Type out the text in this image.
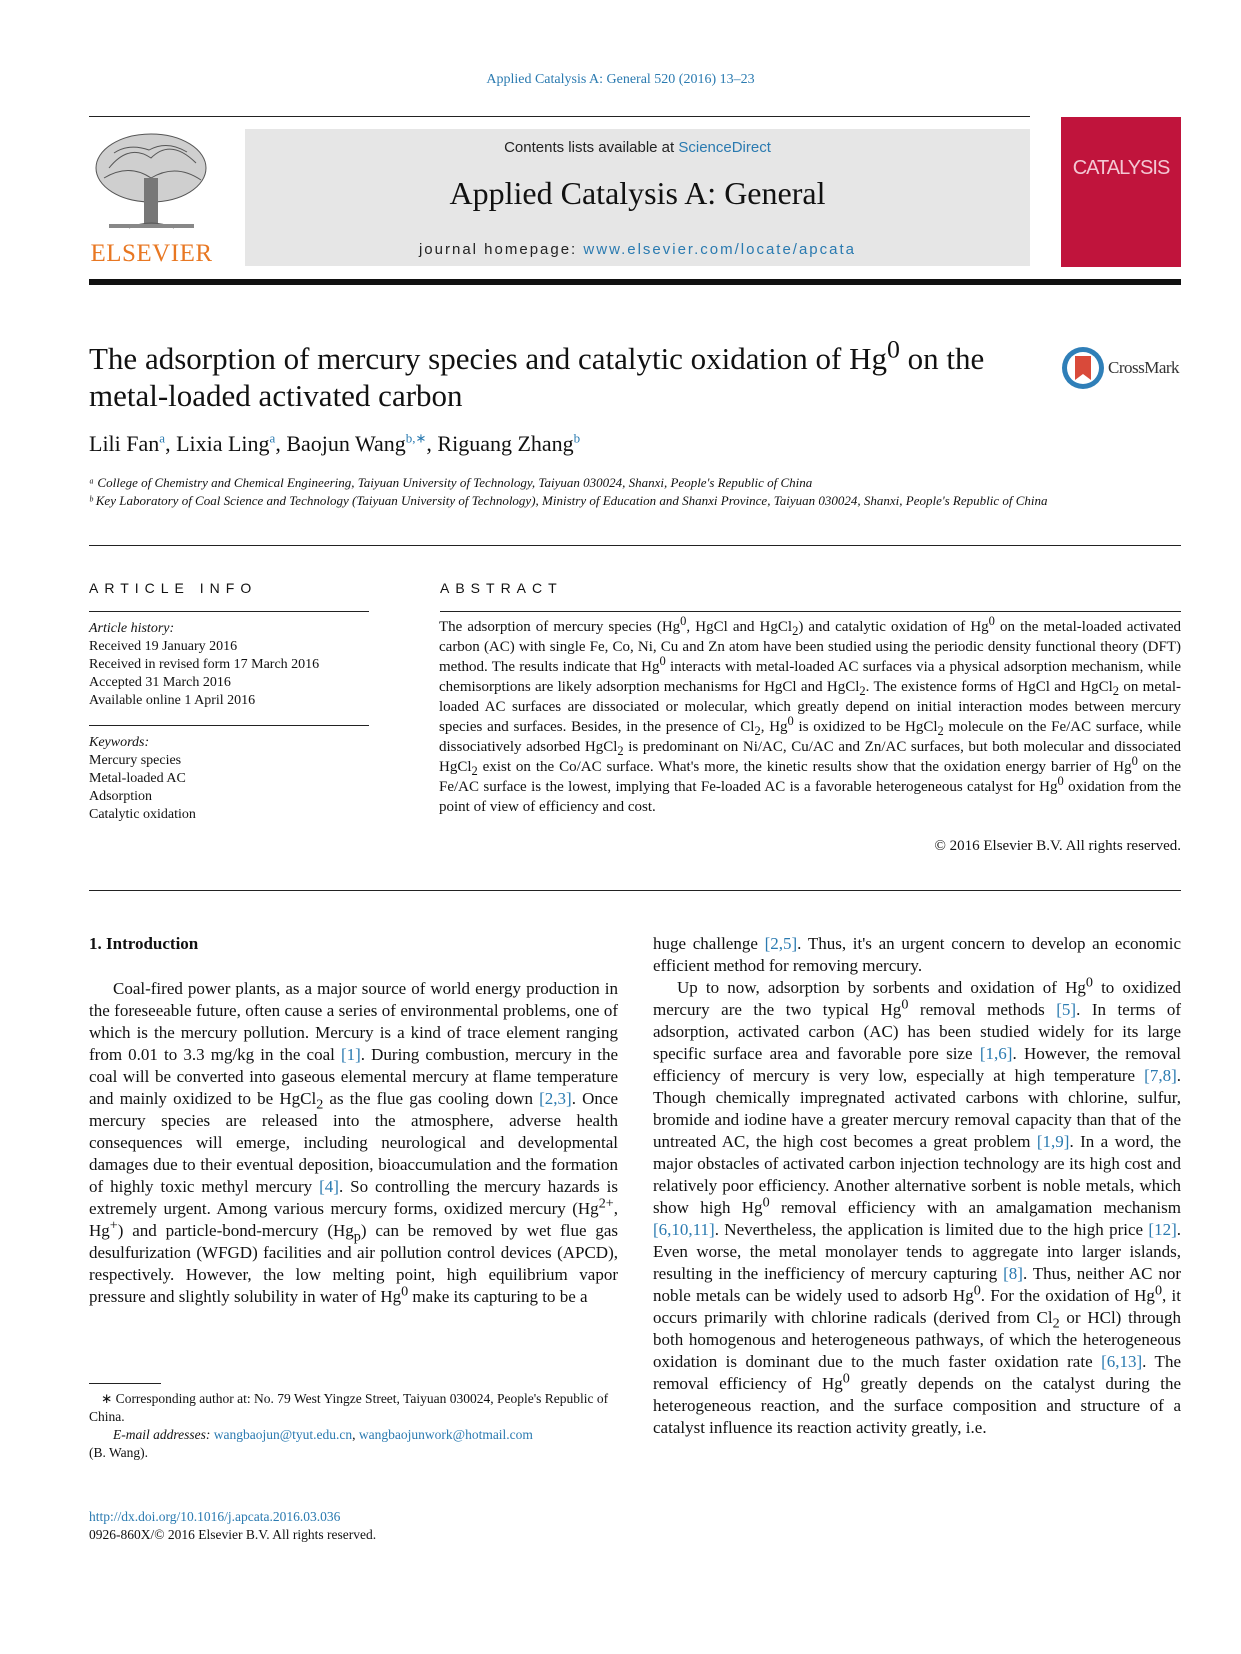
Applied Catalysis A: General 520 (2016) 13–23
ELSEVIER
Contents lists available at ScienceDirect
Applied Catalysis A: General
journal homepage: www.elsevier.com/locate/apcata
CATALYSIS
The adsorption of mercury species and catalytic oxidation of Hg$^0$ on the metal-loaded activated carbon
CrossMark
Lili Fan$^a$, Lixia Ling$^a$, Baojun Wang$^{b,∗}$, Riguang Zhang$^b$
ᵃ College of Chemistry and Chemical Engineering, Taiyuan University of Technology, Taiyuan 030024, Shanxi, People's Republic of China
ᵇ Key Laboratory of Coal Science and Technology (Taiyuan University of Technology), Ministry of Education and Shanxi Province, Taiyuan 030024, Shanxi, People's Republic of China
ARTICLE INFO
Article history:
Received 19 January 2016
Received in revised form 17 March 2016
Accepted 31 March 2016
Available online 1 April 2016
Keywords:
Mercury species
Metal-loaded AC
Adsorption
Catalytic oxidation
ABSTRACT
The adsorption of mercury species (Hg$^0$, HgCl and HgCl$_2$) and catalytic oxidation of Hg$^0$ on the metal-loaded activated carbon (AC) with single Fe, Co, Ni, Cu and Zn atom have been studied using the periodic density functional theory (DFT) method. The results indicate that Hg$^0$ interacts with metal-loaded AC surfaces via a physical adsorption mechanism, while chemisorptions are likely adsorption mechanisms for HgCl and HgCl$_2$. The existence forms of HgCl and HgCl$_2$ on metal-loaded AC surfaces are dissociated or molecular, which greatly depend on initial interaction modes between mercury species and surfaces. Besides, in the presence of $Cl_2$, Hg$^0$ is oxidized to be HgCl$_2$ molecule on the Fe/AC surface, while dissociatively adsorbed HgCl$_2$ is predominant on Ni/AC, Cu/AC and Zn/AC surfaces, but both molecular and dissociated HgCl$_2$ exist on the Co/AC surface. What's more, the kinetic results show that the oxidation energy barrier of Hg$^0$ on the Fe/AC surface is the lowest, implying that Fe-loaded AC is a favorable heterogeneous catalyst for Hg$^0$ oxidation from the point of view of efficiency and cost.
© 2016 Elsevier B.V. All rights reserved.
1. Introduction

Coal-fired power plants, as a major source of world energy production in the foreseeable future, often cause a series of environmental problems, one of which is the mercury pollution. Mercury is a kind of trace element ranging from 0.01 to 3.3 mg/kg in the coal [1]. During combustion, mercury in the coal will be converted into gaseous elemental mercury at flame temperature and mainly oxidized to be HgCl$_2$ as the flue gas cooling down [2,3]. Once mercury species are released into the atmosphere, adverse health consequences will emerge, including neurological and developmental damages due to their eventual deposition, bioaccumulation and the formation of highly toxic methyl mercury [4]. So controlling the mercury hazards is extremely urgent. Among various mercury forms, oxidized mercury ($Hg^{2+}$, Hg+) and particle-bond-mercury $(Hg_p)$ can be removed by wet flue gas desulfurization (WFGD) facilities and air pollution control devices (APCD), respectively. However, the low melting point, high equilibrium vapor pressure and slightly solubility in water of Hg$^0$ make its capturing to be a

huge challenge [2,5]. Thus, it's an urgent concern to develop an economic efficient method for removing mercury.

Up to now, adsorption by sorbents and oxidation of Hg$^0$ to oxidized mercury are the two typical Hg$^0$ removal methods [5]. In terms of adsorption, activated carbon (AC) has been studied widely for its large specific surface area and favorable pore size [1,6]. However, the removal efficiency of mercury is very low, especially at high temperature [7,8]. Though chemically impregnated activated carbons with chlorine, sulfur, bromide and iodine have a greater mercury removal capacity than that of the untreated AC, the high cost becomes a great problem [1,9]. In a word, the major obstacles of activated carbon injection technology are its high cost and relatively poor efficiency. Another alternative sorbent is noble metals, which show high Hg$^0$ removal efficiency with an amalgamation mechanism [6,10,11]. Nevertheless, the application is limited due to the high price [12]. Even worse, the metal monolayer tends to aggregate into larger islands, resulting in the inefficiency of mercury capturing [8]. Thus, neither AC nor noble metals can be widely used to adsorb Hg$^0$. For the oxidation of Hg$^0$, it occurs primarily with chlorine radicals (derived from $Cl_2$ or HCl) through both homogenous and heterogeneous pathways, of which the heterogeneous oxidation is dominant due to the much faster oxidation rate [6,13]. The removal efficiency of Hg$^0$ greatly depends on the catalyst during the heterogeneous reaction, and the surface composition and structure of a catalyst influence its reaction activity greatly, i.e.

∗ Corresponding author at: No. 79 West Yingze Street, Taiyuan 030024, People's Republic of China.
E-mail addresses: wangbaojun@tyut.edu.cn, wangbaojunwork@hotmail.com
(B. Wang).
http://dx.doi.org/10.1016/j.apcata.2016.03.036
0926-860X/© 2016 Elsevier B.V. All rights reserved.
